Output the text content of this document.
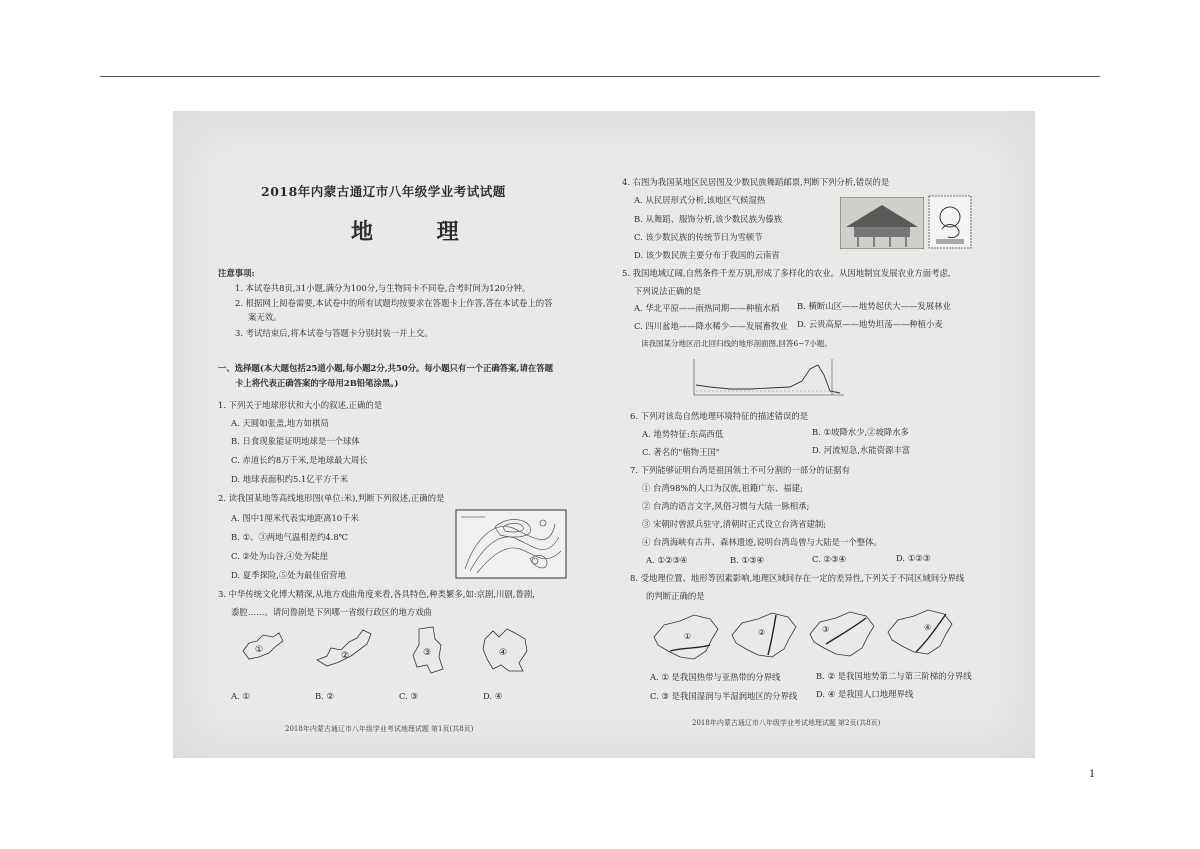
2018年内蒙古通辽市八年级学业考试试题
地 理
注意事项:
1. 本试卷共8页,31小题,满分为100分,与生物同卡不同卷,合考时间为120分钟。
2. 根据网上阅卷需要,本试卷中的所有试题均按要求在答题卡上作答,答在本试卷上的答
案无效。
3. 考试结束后,将本试卷与答题卡分别封装一并上交。
一、选择题(本大题包括25道小题,每小题2分,共50分。每小题只有一个正确答案,请在答题
卡上将代表正确答案的字母用2B铅笔涂黑。)
1. 下列关于地球形状和大小的叙述,正确的是
A. 天圆如张盖,地方如棋局
B. 日食现象能证明地球是一个球体
C. 赤道长约8万千米,是地球最大周长
D. 地球表面积约5.1亿平方千米
2. 读我国某地等高线地形图(单位:米),判断下列叙述,正确的是
A. 图中1厘米代表实地距离10千米
B. ①、③两地气温相差约4.8℃
C. ②处为山谷,④处为陡崖
D. 夏季探险,⑤处为最佳宿营地
3. 中华传统文化博大精深,从地方戏曲角度来看,各具特色,种类繁多,如:京剧,川剧,鲁剧,
黍腔……。请问鲁剧是下列哪一省级行政区的地方戏曲
①
②	③	④
A. ①	B. ②	C. ③	D. ④
2018年内蒙古通辽市八年级学业考试地理试题 第1页(共8页)
4. 右图为我国某地区民居图及少数民族舞蹈邮票,判断下列分析,错误的是
A. 从民居形式分析,该地区气候湿热
B. 从舞蹈、服饰分析,该少数民族为傣族
C. 该少数民族的传统节日为雪顿节
D. 该少数民族主要分布于我国的云南省
5. 我国地域辽阔,自然条件千差万别,形成了多样化的农业。从因地制宜发展农业方面考虑,
下列说法正确的是
A. 华北平原——雨热同期——种植水稻 B. 横断山区——地势起伏大——发展林业
C. 四川盆地——降水稀少——发展畜牧业 D. 云贵高原——地势坦荡——种植小麦
读我国某分地区沿北回归线的地形剖面图,回答6~7小题。
6. 下列对该岛自然地理环境特征的描述错误的是
A. 地势特征:东高西低	B. ①坡降水少,②坡降水多
C. 著名的"植物王国"	D. 河流短急,水能资源丰富
7. 下列能够证明台湾是祖国领土不可分割的一部分的证据有
① 台湾98%的人口为汉族,祖籍广东、福建;
② 台湾的语言文字,风俗习惯与大陆一脉相承;
③ 宋朝时曾派兵驻守,清朝时正式设立台湾省建制;
④ 台湾海峡有古井、森林遗迹,说明台湾岛曾与大陆是一个整体。
A. ①②③④	B. ①③④	C. ②③④	D. ①②③
8. 受地理位置、地形等因素影响,地理区域间存在一定的差异性,下列关于不同区域间分界线
的判断正确的是
①	②	③	④
A. ① 是我国热带与亚热带的分界线	B. ② 是我国地势第二与第三阶梯的分界线
C. ③ 是我国湿润与半湿润地区的分界线 D. ④ 是我国人口地理界线
2018年内蒙古通辽市八年级学业考试地理试题 第2页(共8页)
1
